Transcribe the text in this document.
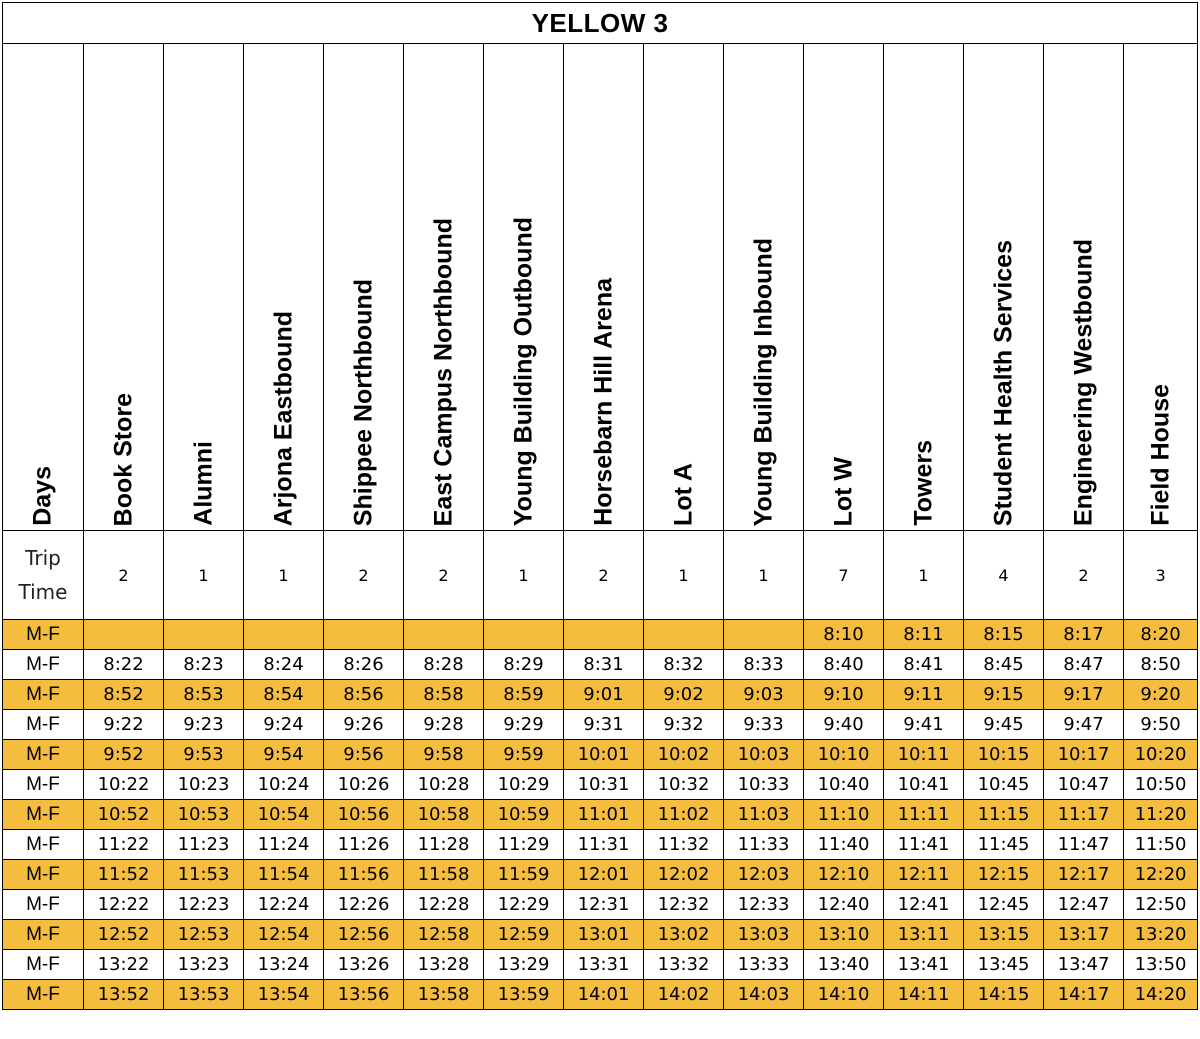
YELLOW 3														

Days	Book Store	Alumni	Arjona Eastbound	Shippee Northbound	East Campus Northbound	Young Building Outbound	Horsebarn Hill Arena	Lot A	Young Building Inbound	Lot W	Towers	Student Health Services	Engineering Westbound	Field House

Trip Time	2	1	1	2	2	1	2	1	1	7	1	4	2	3
M-F										8:10	8:11	8:15	8:17	8:20
M-F	8:22	8:23	8:24	8:26	8:28	8:29	8:31	8:32	8:33	8:40	8:41	8:45	8:47	8:50
M-F	8:52	8:53	8:54	8:56	8:58	8:59	9:01	9:02	9:03	9:10	9:11	9:15	9:17	9:20
M-F	9:22	9:23	9:24	9:26	9:28	9:29	9:31	9:32	9:33	9:40	9:41	9:45	9:47	9:50
M-F	9:52	9:53	9:54	9:56	9:58	9:59	10:01	10:02	10:03	10:10	10:11	10:15	10:17	10:20
M-F	10:22	10:23	10:24	10:26	10:28	10:29	10:31	10:32	10:33	10:40	10:41	10:45	10:47	10:50
M-F	10:52	10:53	10:54	10:56	10:58	10:59	11:01	11:02	11:03	11:10	11:11	11:15	11:17	11:20
M-F	11:22	11:23	11:24	11:26	11:28	11:29	11:31	11:32	11:33	11:40	11:41	11:45	11:47	11:50
M-F	11:52	11:53	11:54	11:56	11:58	11:59	12:01	12:02	12:03	12:10	12:11	12:15	12:17	12:20
M-F	12:22	12:23	12:24	12:26	12:28	12:29	12:31	12:32	12:33	12:40	12:41	12:45	12:47	12:50
M-F	12:52	12:53	12:54	12:56	12:58	12:59	13:01	13:02	13:03	13:10	13:11	13:15	13:17	13:20
M-F	13:22	13:23	13:24	13:26	13:28	13:29	13:31	13:32	13:33	13:40	13:41	13:45	13:47	13:50
M-F	13:52	13:53	13:54	13:56	13:58	13:59	14:01	14:02	14:03	14:10	14:11	14:15	14:17	14:20
